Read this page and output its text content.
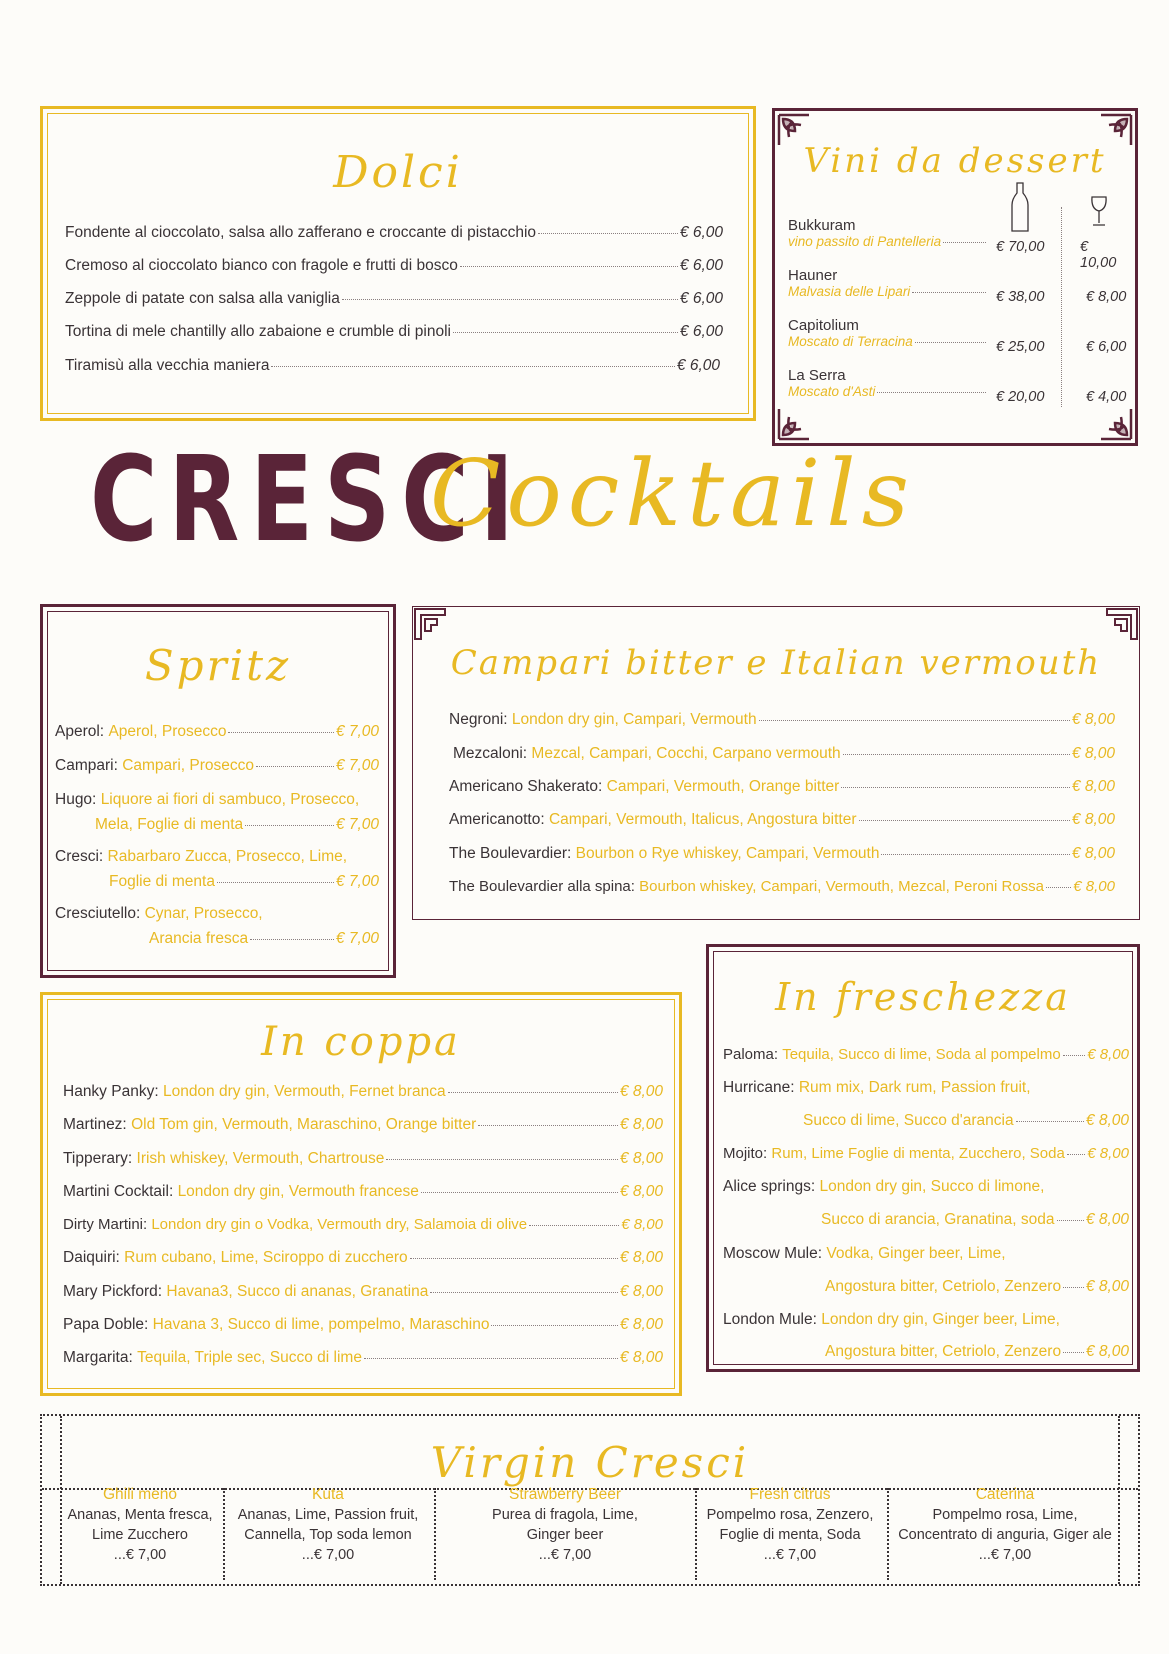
Dolci
Fondente al cioccolato, salsa allo zafferano e croccante di pistacchio	€ 6,00
Cremoso al cioccolato bianco con fragole e frutti di bosco	€ 6,00
Zeppole di patate con salsa alla vaniglia	€ 6,00
Tortina di mele chantilly allo zabaione e crumble di pinoli	€ 6,00
Tiramisù alla vecchia maniera	€ 6,00
Vini da dessert
Bukkuram
vino passito di Pantelleria	€ 70,00 € 10,00
Hauner
Malvasia delle Lipari	€ 38,00	€ 8,00
Capitolium
Moscato di Terracina	€ 25,00	€ 6,00
La Serra
Moscato d'Asti	€ 20,00	€ 4,00
CRESCI
Cocktails
Spritz
Aperol:
Aperol, Prosecco	€ 7,00
Campari:
Campari, Prosecco	€ 7,00
Hugo:
Liquore ai fiori di sambuco, Prosecco,
Mela, Foglie di menta	€ 7,00
Cresci:
Rabarbaro Zucca, Prosecco, Lime,
Foglie di menta	€ 7,00
Cresciutello:
Cynar, Prosecco,
Arancia fresca	€ 7,00
Campari bitter e Italian vermouth
Negroni:
London dry gin, Campari, Vermouth	€ 8,00
Mezcaloni:
Mezcal, Campari, Cocchi, Carpano vermouth	€ 8,00
Americano Shakerato:
Campari, Vermouth, Orange bitter	€ 8,00
Americanotto:
Campari, Vermouth, Italicus, Angostura bitter	€ 8,00
The Boulevardier:
Bourbon o Rye whiskey, Campari, Vermouth	€ 8,00
The Boulevardier alla spina:
Bourbon whiskey, Campari, Vermouth, Mezcal, Peroni Rossa € 8,00
In coppa
Hanky Panky:
London dry gin, Vermouth, Fernet branca	€ 8,00
Martinez:
Old Tom gin, Vermouth, Maraschino, Orange bitter	€ 8,00
Tipperary:
Irish whiskey, Vermouth, Chartrouse	€ 8,00
Martini Cocktail:
London dry gin, Vermouth francese	€ 8,00
Dirty Martini:
London dry gin o Vodka, Vermouth dry, Salamoia di olive	€ 8,00
Daiquiri:
Rum cubano, Lime, Sciroppo di zucchero	€ 8,00
Mary Pickford:
Havana3, Succo di ananas, Granatina	€ 8,00
Papa Doble:
Havana 3, Succo di lime, pompelmo, Maraschino	€ 8,00
Margarita:
Tequila, Triple sec, Succo di lime	€ 8,00
In freschezza
Paloma:
Tequila, Succo di lime, Soda al pompelmo € 8,00
Hurricane:
Rum mix, Dark rum, Passion fruit,
Succo di lime, Succo d'arancia	€ 8,00
Mojito:
Rum, Lime Foglie di menta, Zucchero, Soda € 8,00
Alice springs:
London dry gin, Succo di limone,
Succo di arancia, Granatina, soda € 8,00
Moscow Mule:
Vodka, Ginger beer, Lime,
Angostura bitter, Cetriolo, Zenzero € 8,00
London Mule:
London dry gin, Ginger beer, Lime,
Angostura bitter, Cetriolo, Zenzero € 8,00
Virgin Cresci
Ghili meno
Ananas, Menta fresca,
Lime Zucchero
...€ 7,00
Kuta
Ananas, Lime, Passion fruit,
Cannella, Top soda lemon
...€ 7,00
Strawberry Beer
Purea di fragola, Lime,
Ginger beer
...€ 7,00
Fresh citrus
Pompelmo rosa, Zenzero,
Foglie di menta, Soda
...€ 7,00
Caterina
Pompelmo rosa, Lime,
Concentrato di anguria, Giger ale
...€ 7,00
